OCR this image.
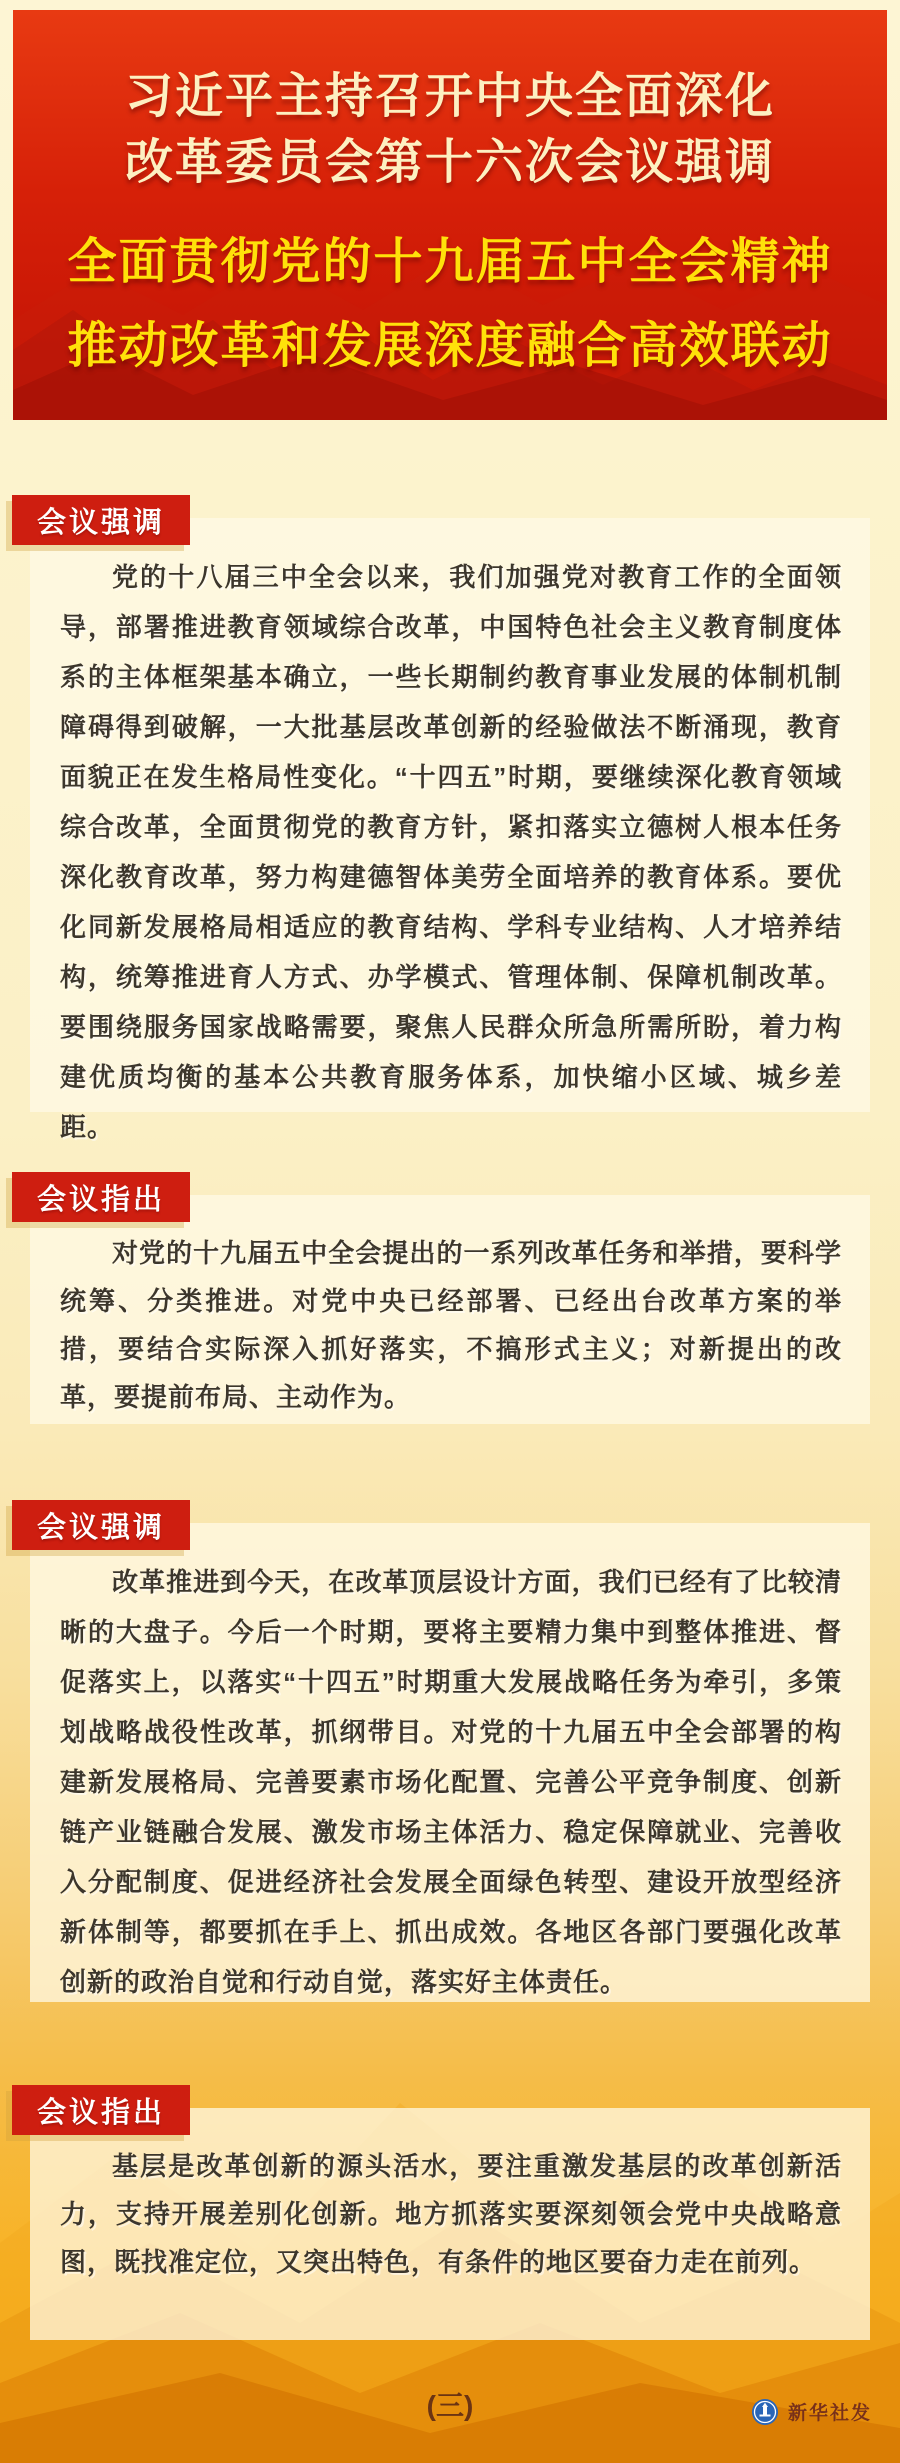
习近平主持召开中央全面深化
改革委员会第十六次会议强调
全面贯彻党的十九届五中全会精神
推动改革和发展深度融合高效联动
会议强调

党的十八届三中全会以来，我们加强党对教育工作的全面领导，部署推进教育领域综合改革，中国特色社会主义教育制度体系的主体框架基本确立，一些长期制约教育事业发展的体制机制障碍得到破解，一大批基层改革创新的经验做法不断涌现，教育面貌正在发生格局性变化。“十四五”时期，要继续深化教育领域综合改革，全面贯彻党的教育方针，紧扣落实立德树人根本任务深化教育改革，努力构建德智体美劳全面培养的教育体系。要优化同新发展格局相适应的教育结构、学科专业结构、人才培养结构，统筹推进育人方式、办学模式、管理体制、保障机制改革。要围绕服务国家战略需要，聚焦人民群众所急所需所盼，着力构建优质均衡的基本公共教育服务体系，加快缩小区域、城乡差距。

会议指出

对党的十九届五中全会提出的一系列改革任务和举措，要科学统筹、分类推进。对党中央已经部署、已经出台改革方案的举措，要结合实际深入抓好落实，不搞形式主义；对新提出的改革，要提前布局、主动作为。

会议强调

改革推进到今天，在改革顶层设计方面，我们已经有了比较清晰的大盘子。今后一个时期，要将主要精力集中到整体推进、督促落实上，以落实“十四五”时期重大发展战略任务为牵引，多策划战略战役性改革，抓纲带目。对党的十九届五中全会部署的构建新发展格局、完善要素市场化配置、完善公平竞争制度、创新链产业链融合发展、激发市场主体活力、稳定保障就业、完善收入分配制度、促进经济社会发展全面绿色转型、建设开放型经济新体制等，都要抓在手上、抓出成效。各地区各部门要强化改革创新的政治自觉和行动自觉，落实好主体责任。

会议指出

基层是改革创新的源头活水，要注重激发基层的改革创新活力，支持开展差别化创新。地方抓落实要深刻领会党中央战略意图，既找准定位，又突出特色，有条件的地区要奋力走在前列。

(三)	新华社发
